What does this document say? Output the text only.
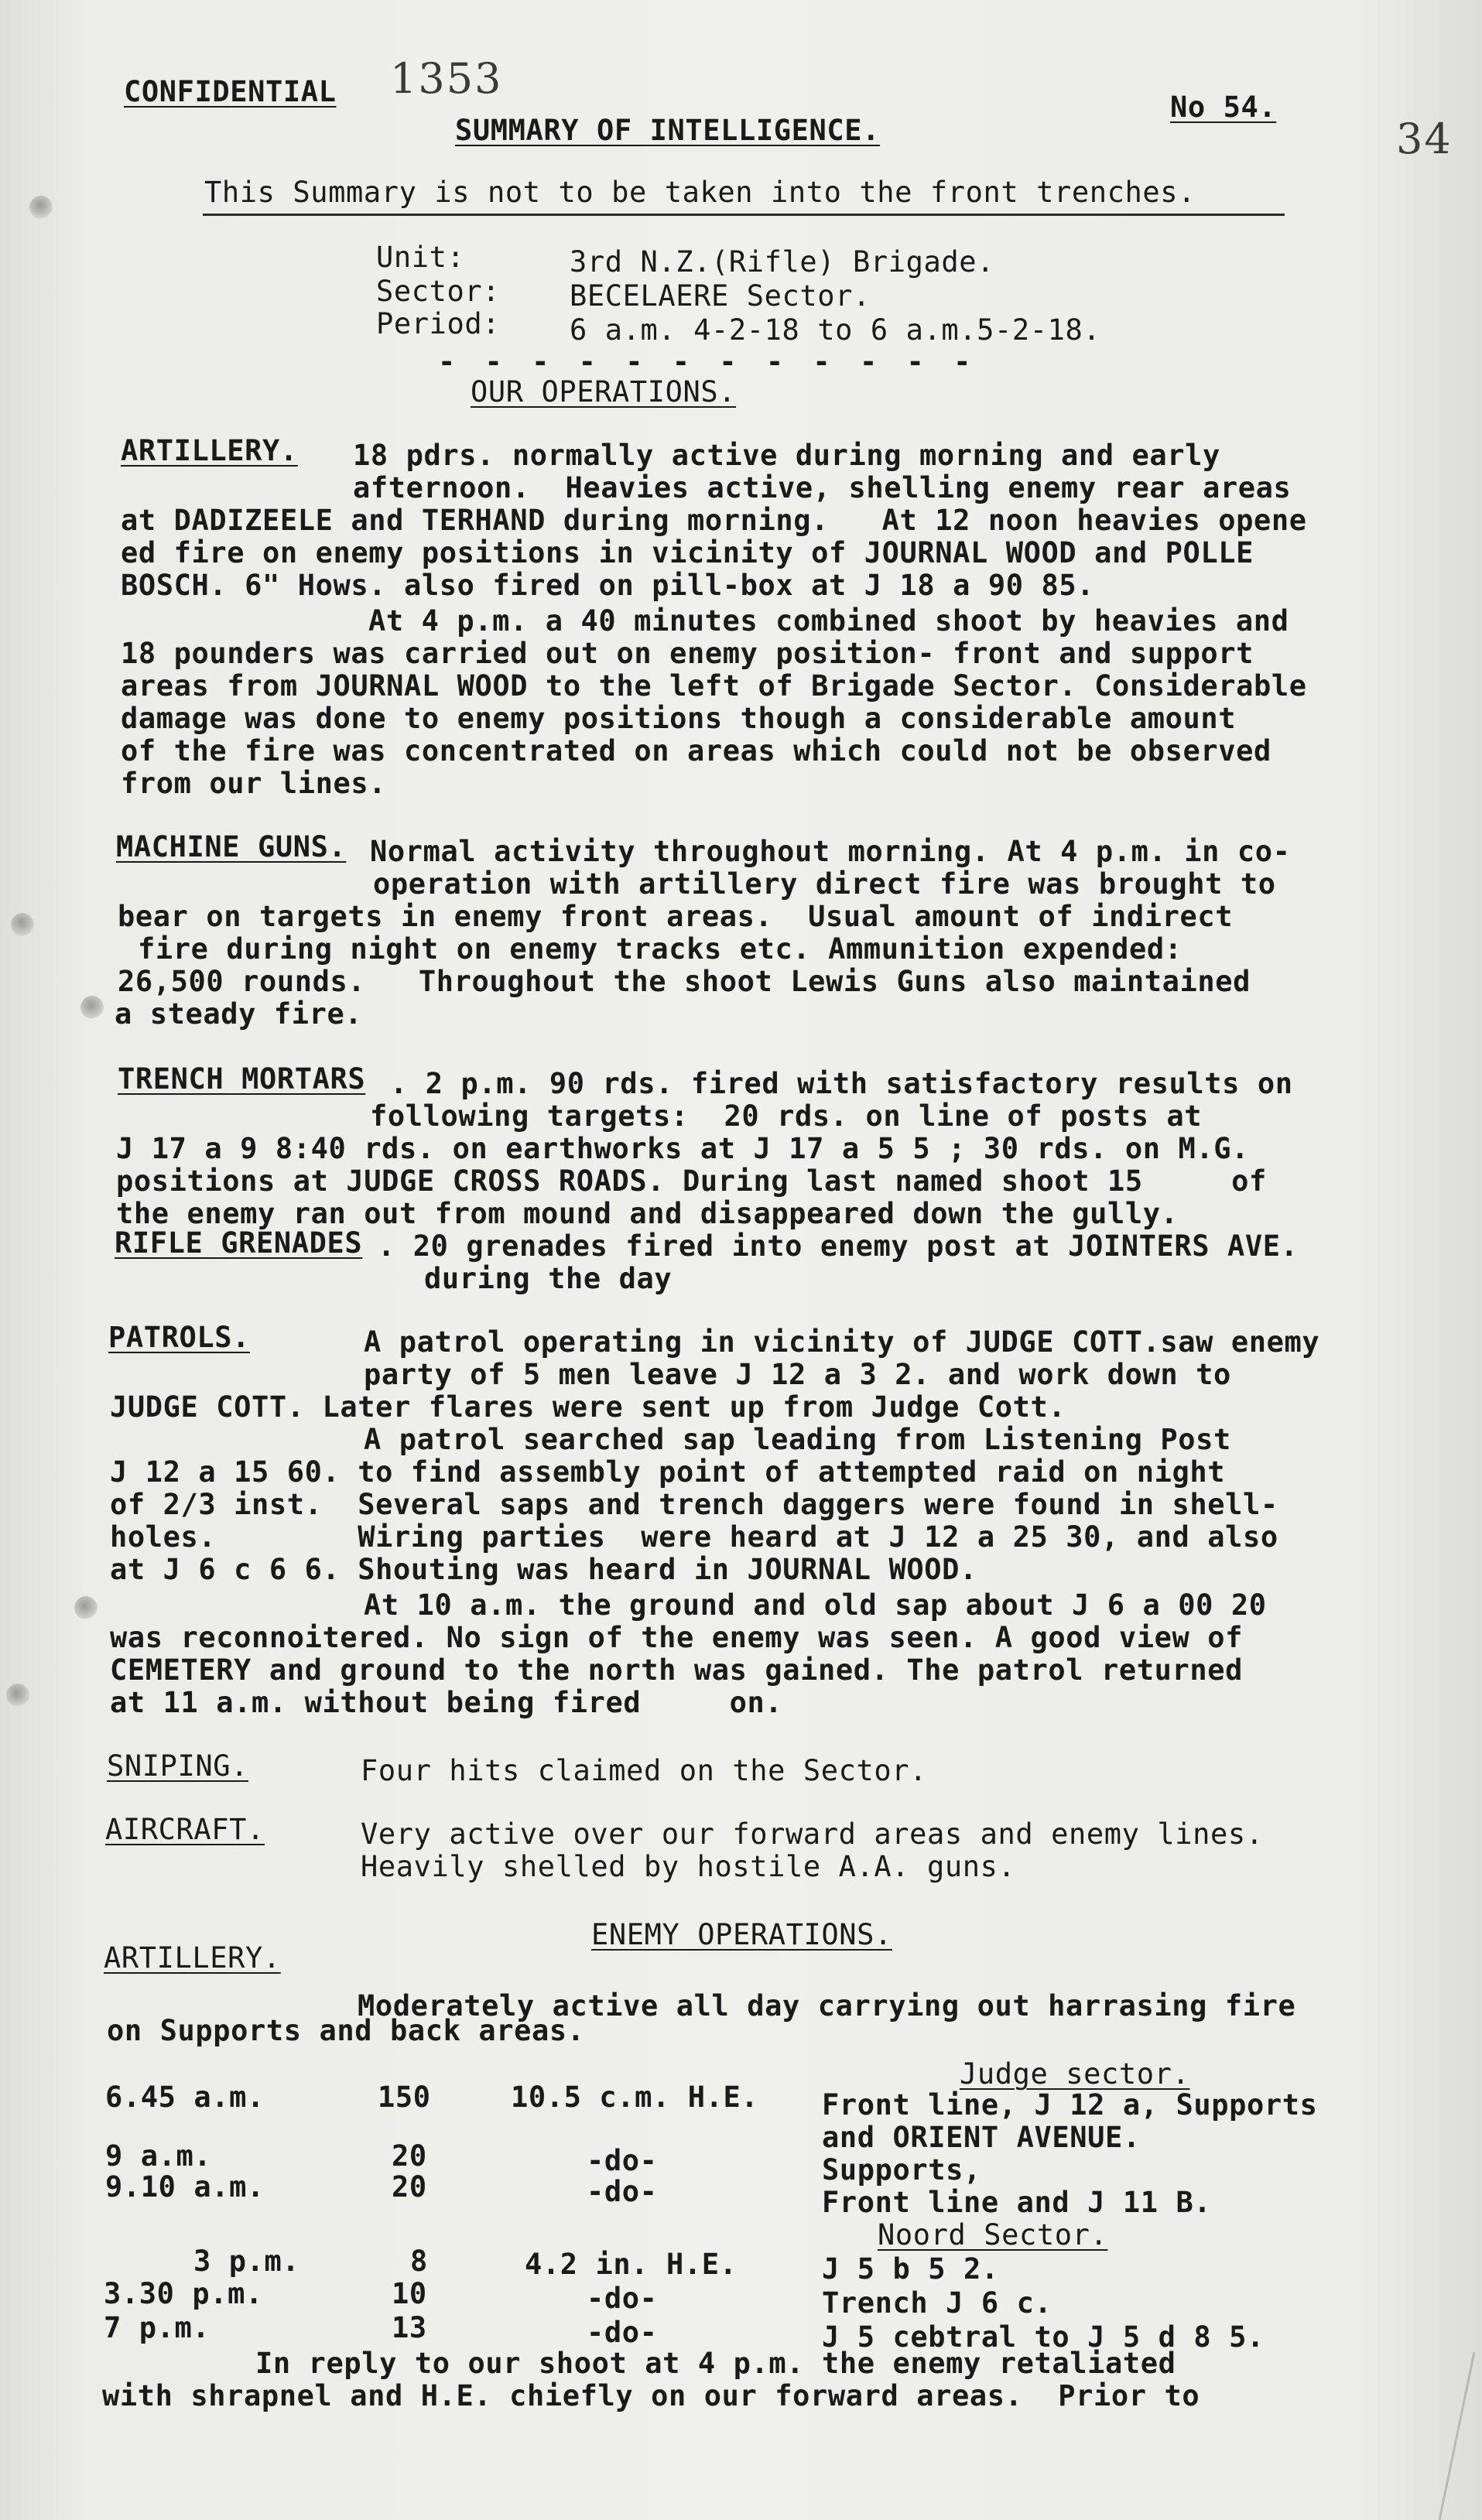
CONFIDENTIAL 1353
SUMMARY OF INTELLIGENCE.
No 54.
34
This Summary is not to be taken into the front trenches.
Unit:	3rd N.Z.(Rifle) Brigade.
Sector: BECELAERE Sector.
Period: 6 a.m. 4-2-18 to 6 a.m.5-2-18.
- - - - - - - - - - - -
OUR OPERATIONS.
ARTILLERY. 18 pdrs. normally active during morning and early
afternoon.  Heavies active, shelling enemy rear areas
at DADIZEELE and TERHAND during morning.   At 12 noon heavies opene
ed fire on enemy positions in vicinity of JOURNAL WOOD and POLLE
BOSCH. 6" Hows. also fired on pill-box at J 18 a 90 85.
At 4 p.m. a 40 minutes combined shoot by heavies and
18 pounders was carried out on enemy position- front and support
areas from JOURNAL WOOD to the left of Brigade Sector. Considerable
damage was done to enemy positions though a considerable amount
of the fire was concentrated on areas which could not be observed
from our lines.
MACHINE GUNS. Normal activity throughout morning. At 4 p.m. in co-
operation with artillery direct fire was brought to
bear on targets in enemy front areas.  Usual amount of indirect
fire during night on enemy tracks etc. Ammunition expended:
26,500 rounds.   Throughout the shoot Lewis Guns also maintained
a steady fire.
TRENCH MORTARS . 2 p.m. 90 rds. fired with satisfactory results on
following targets:  20 rds. on line of posts at
J 17 a 9 8:40 rds. on earthworks at J 17 a 5 5 ; 30 rds. on M.G.
positions at JUDGE CROSS ROADS. During last named shoot 15     of
the enemy ran out from mound and disappeared down the gully.
RIFLE GRENADES . 20 grenades fired into enemy post at JOINTERS AVE.
during the day
PATROLS.	A patrol operating in vicinity of JUDGE COTT.saw enemy
party of 5 men leave J 12 a 3 2. and work down to
JUDGE COTT. Later flares were sent up from Judge Cott.
A patrol searched sap leading from Listening Post
J 12 a 15 60. to find assembly point of attempted raid on night
of 2/3 inst.  Several saps and trench daggers were found in shell-
holes.        Wiring parties  were heard at J 12 a 25 30, and also
at J 6 c 6 6. Shouting was heard in JOURNAL WOOD.
At 10 a.m. the ground and old sap about J 6 a 00 20
was reconnoitered. No sign of the enemy was seen. A good view of
CEMETERY and ground to the north was gained. The patrol returned
at 11 a.m. without being fired     on.
SNIPING.	Four hits claimed on the Sector.
AIRCRAFT.	Very active over our forward areas and enemy lines.
Heavily shelled by hostile A.A. guns.
ENEMY OPERATIONS.
ARTILLERY.
Moderately active all day carrying out harrasing fire
on Supports and back areas.
Judge sector.
6.45 a.m.	150	10.5 c.m. H.E. Front line, J 12 a, Supports
and ORIENT AVENUE.
9 a.m.	20	-do-	Supports,
9.10 a.m.	20	-do-	Front line and J 11 B.
Noord Sector.
3 p.m.	8	4.2 in. H.E.	J 5 b 5 2.
3.30 p.m.	10	-do-	Trench J 6 c.
7 p.m.	13	-do-	J 5 cebtral to J 5 d 8 5.
In reply to our shoot at 4 p.m. the enemy retaliated
with shrapnel and H.E. chiefly on our forward areas.  Prior to
